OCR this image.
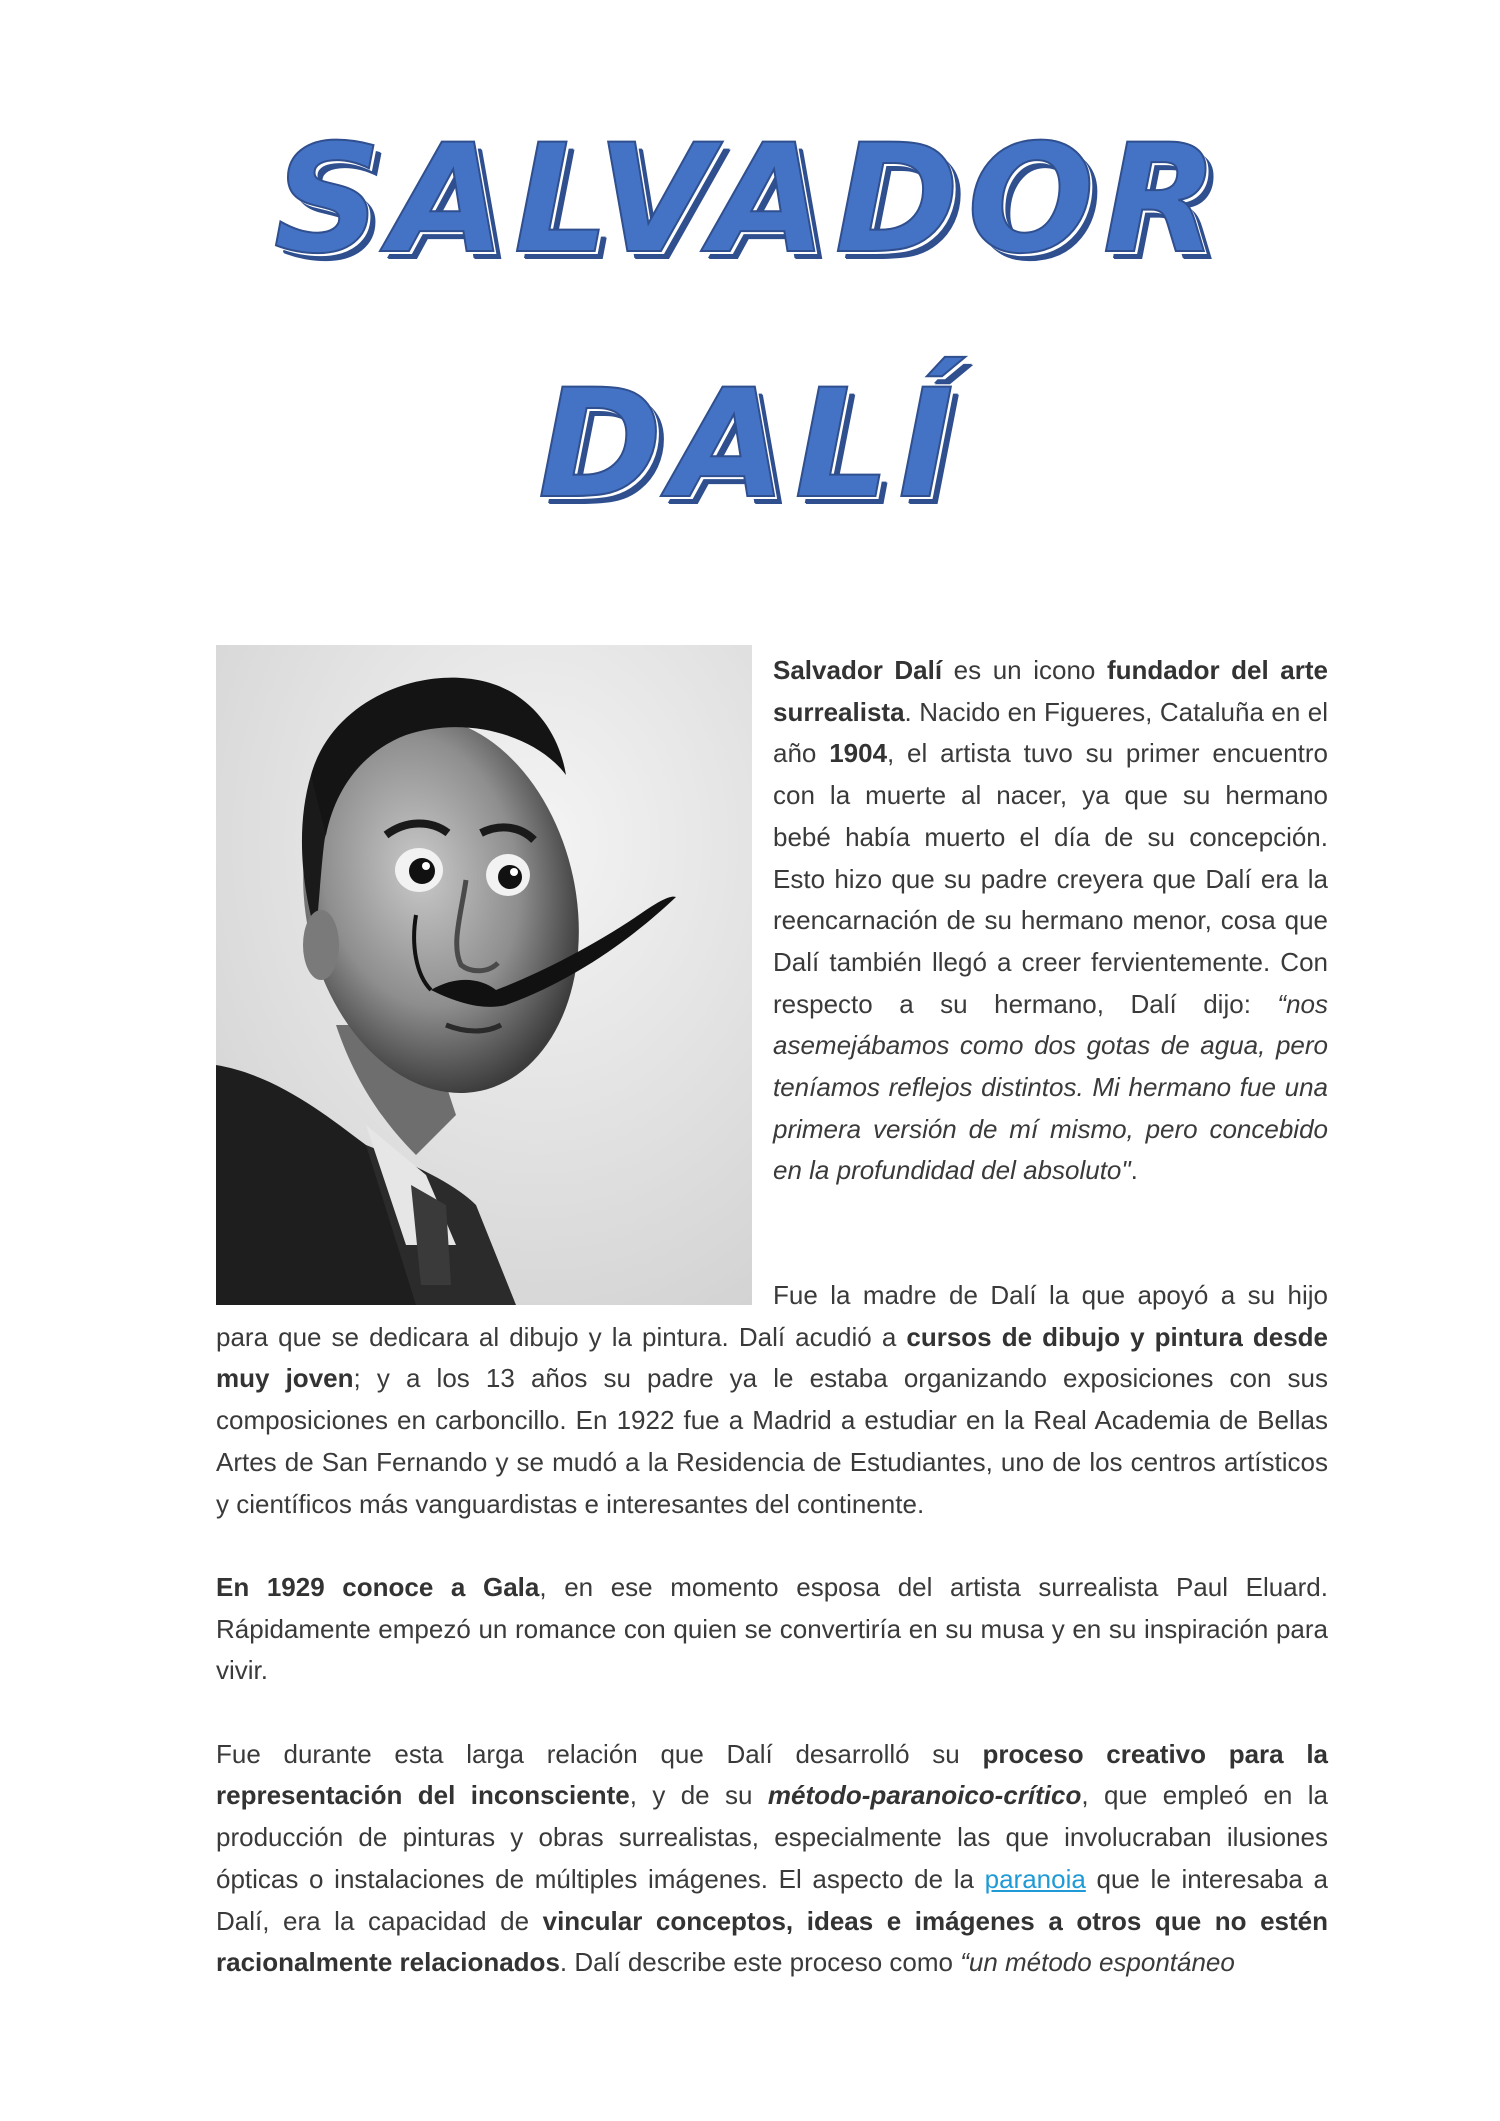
SALVADOR
DALÍ

Salvador Dalí es un icono fundador del arte surrealista. Nacido en Figueres, Cataluña en el año 1904, el artista tuvo su primer encuentro con la muerte al nacer, ya que su hermano bebé había muerto el día de su concepción. Esto hizo que su padre creyera que Dalí era la reencarnación de su hermano menor, cosa que Dalí también llegó a creer fervientemente. Con respecto a su hermano, Dalí dijo: “nos asemejábamos como dos gotas de agua, pero teníamos reflejos distintos. Mi hermano fue una primera versión de mí mismo, pero concebido en la profundidad del absoluto".

Fue la madre de Dalí la que apoyó a su hijo para que se dedicara al dibujo y la pintura. Dalí acudió a cursos de dibujo y pintura desde muy joven; y a los 13 años su padre ya le estaba organizando exposiciones con sus composiciones en carboncillo. En 1922 fue a Madrid a estudiar en la Real Academia de Bellas Artes de San Fernando y se mudó a la Residencia de Estudiantes, uno de los centros artísticos y científicos más vanguardistas e interesantes del continente.

En 1929 conoce a Gala, en ese momento esposa del artista surrealista Paul Eluard. Rápidamente empezó un romance con quien se convertiría en su musa y en su inspiración para vivir.

Fue durante esta larga relación que Dalí desarrolló su proceso creativo para la representación del inconsciente, y de su método-paranoico-crítico, que empleó en la producción de pinturas y obras surrealistas, especialmente las que involucraban ilusiones ópticas o instalaciones de múltiples imágenes. El aspecto de la paranoia que le interesaba a Dalí, era la capacidad de vincular conceptos, ideas e imágenes a otros que no estén racionalmente relacionados. Dalí describe este proceso como “un método espontáneo
